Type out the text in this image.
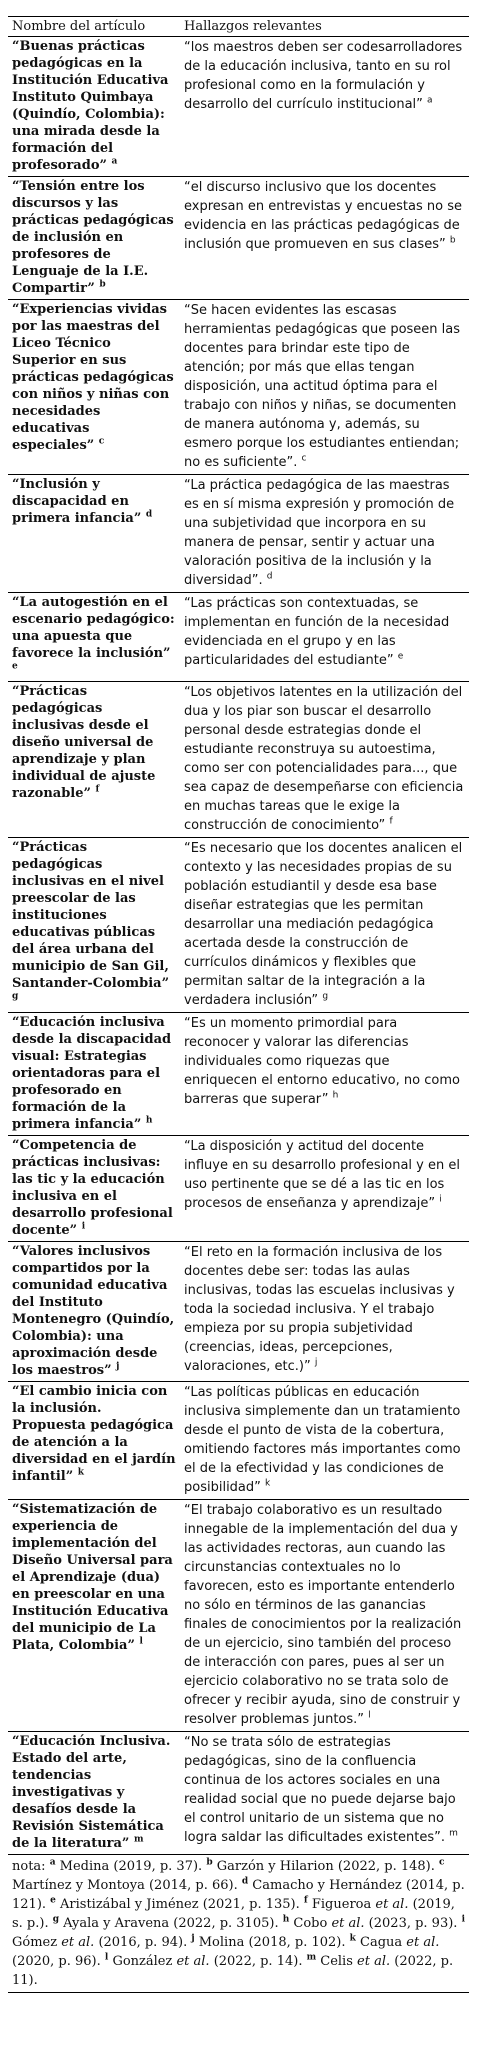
Nombre del artículo	Hallazgos relevantes
“Buenas prácticas pedagógicas en la Institución Educativa Instituto Quimbaya (Quindío, Colombia): una mirada desde la formación del profesorado” $^a$	“los maestros deben ser codesarrolladores de la educación inclusiva, tanto en su rol profesional como en la formulación y desarrollo del currículo institucional” $^a$
“Tensión entre los discursos y las prácticas pedagógicas de inclusión en profesores de Lenguaje de la I.E. Compartir” $^b$	“el discurso inclusivo que los docentes expresan en entrevistas y encuestas no se evidencia en las prácticas pedagógicas de inclusión que promueven en sus clases” $^b$
“Experiencias vividas por las maestras del Liceo Técnico Superior en sus prácticas pedagógicas con niños y niñas con necesidades educativas especiales” $^c$	“Se hacen evidentes las escasas herramientas pedagógicas que poseen las docentes para brindar este tipo de atención; por más que ellas tengan disposición, una actitud óptima para el trabajo con niños y niñas, se documenten de manera autónoma y, además, su esmero porque los estudiantes entiendan; no es suficiente”. $^c$
“Inclusión y discapacidad en primera infancia” $^d$	“La práctica pedagógica de las maestras es en sí misma expresión y promoción de una subjetividad que incorpora en su manera de pensar, sentir y actuar una valoración positiva de la inclusión y la diversidad”. $^d$
“La autogestión en el escenario pedagógico: una apuesta que favorece la inclusión” $^e$	“Las prácticas son contextuadas, se implementan en función de la necesidad evidenciada en el grupo y en las particularidades del estudiante” $^e$
“Prácticas pedagógicas inclusivas desde el diseño universal de aprendizaje y plan individual de ajuste razonable” $^f$	“Los objetivos latentes en la utilización del dua y los piar son buscar el desarrollo personal desde estrategias donde el estudiante reconstruya su autoestima, como ser con potencialidades para..., que sea capaz de desempeñarse con eficiencia en muchas tareas que le exige la construcción de conocimiento” $^f$
“Prácticas pedagógicas inclusivas en el nivel preescolar de las instituciones educativas públicas del área urbana del municipio de San Gil, Santander-Colombia” $^g$	“Es necesario que los docentes analicen el contexto y las necesidades propias de su población estudiantil y desde esa base diseñar estrategias que les permitan desarrollar una mediación pedagógica acertada desde la construcción de currículos dinámicos y flexibles que permitan saltar de la integración a la verdadera inclusión” $^g$
“Educación inclusiva desde la discapacidad visual: Estrategias orientadoras para el profesorado en formación de la primera infancia” $^h$	“Es un momento primordial para reconocer y valorar las diferencias individuales como riquezas que enriquecen el entorno educativo, no como barreras que superar” $^h$
“Competencia de prácticas inclusivas: las tic y la educación inclusiva en el desarrollo profesional docente” $^i$	“La disposición y actitud del docente influye en su desarrollo profesional y en el uso pertinente que se dé a las tic en los procesos de enseñanza y aprendizaje” $^i$
“Valores inclusivos compartidos por la comunidad educativa del Instituto Montenegro (Quindío, Colombia): una aproximación desde los maestros” $^j$	“El reto en la formación inclusiva de los docentes debe ser: todas las aulas inclusivas, todas las escuelas inclusivas y toda la sociedad inclusiva. Y el trabajo empieza por su propia subjetividad (creencias, ideas, percepciones, valoraciones, etc.)” $^j$
“El cambio inicia con la inclusión. Propuesta pedagógica de atención a la diversidad en el jardín infantil” $^k$	“Las políticas públicas en educación inclusiva simplemente dan un tratamiento desde el punto de vista de la cobertura, omitiendo factores más importantes como el de la efectividad y las condiciones de posibilidad” $^k$
“Sistematización de experiencia de implementación del Diseño Universal para el Aprendizaje (dua) en preescolar en una Institución Educativa del municipio de La Plata, Colombia” $^l$	“El trabajo colaborativo es un resultado innegable de la implementación del dua y las actividades rectoras, aun cuando las circunstancias contextuales no lo favorecen, esto es importante entenderlo no sólo en términos de las ganancias finales de conocimientos por la realización de un ejercicio, sino también del proceso de interacción con pares, pues al ser un ejercicio colaborativo no se trata solo de ofrecer y recibir ayuda, sino de construir y resolver problemas juntos.” $^l$
“Educación Inclusiva. Estado del arte, tendencias investigativas y desafíos desde la Revisión Sistemática de la literatura” $^m$	“No se trata sólo de estrategias pedagógicas, sino de la confluencia continua de los actores sociales en una realidad social que no puede dejarse bajo el control unitario de un sistema que no logra saldar las dificultades existentes”. $^m$
nota: $^a$ Medina (2019, p. 37). $^b$ Garzón y Hilarion (2022, p. 148). $^c$ Martínez y Montoya (2014, p. 66). $^d$ Camacho y Hernández (2014, p. 121). $^e$ Aristizábal y Jiménez (2021, p. 135). $^f$ Figueroa et al. (2019, s. p.). $^g$ Ayala y Aravena (2022, p. 3105). $^h$ Cobo et al. (2023, p. 93). $^i$ Gómez et al. (2016, p. 94). $^j$ Molina (2018, p. 102). $^k$ Cagua et al. (2020, p. 96). $^l$ González et al. (2022, p. 14). $^m$ Celis et al. (2022, p. 11).
